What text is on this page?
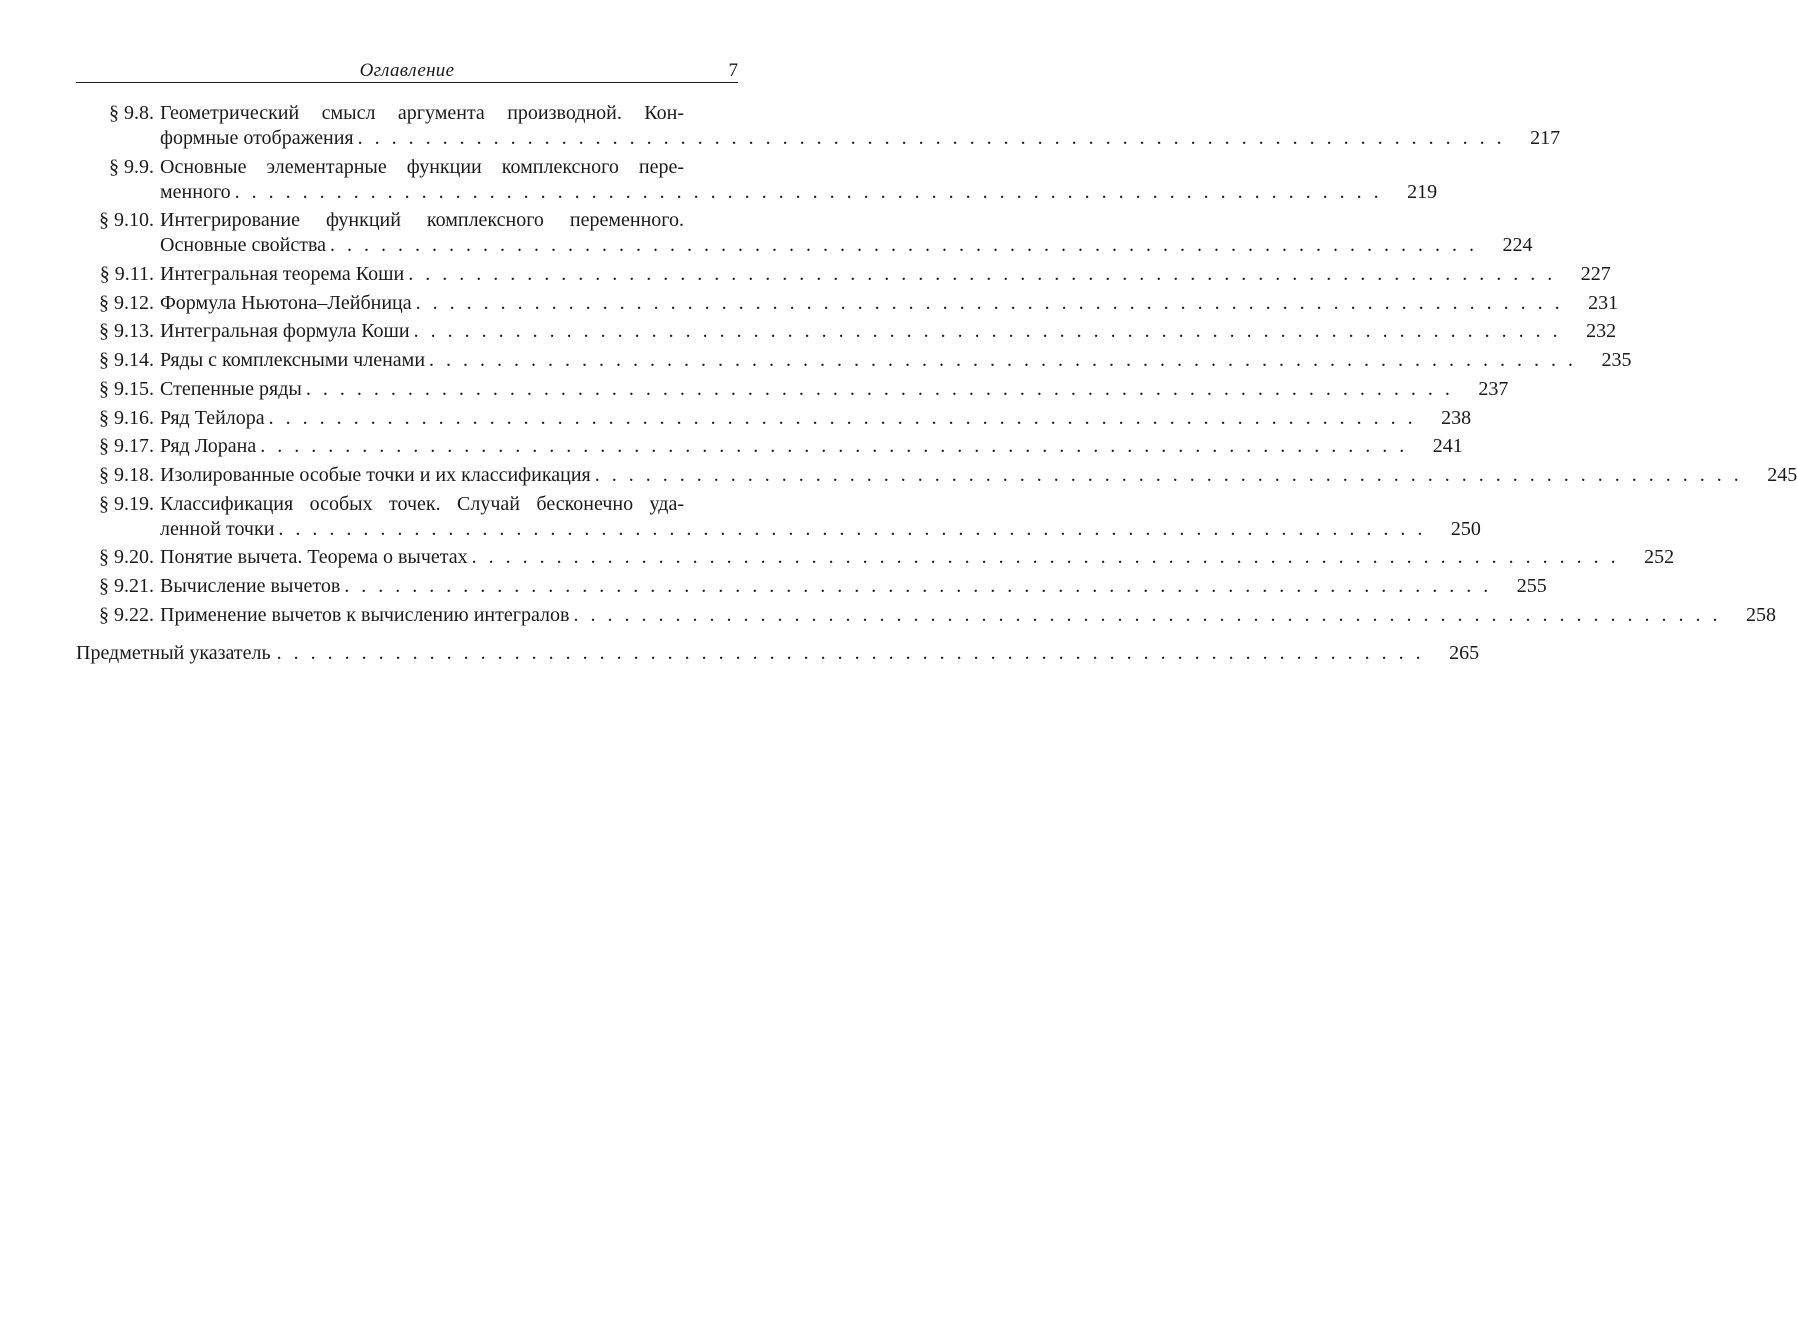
Оглавление	7
§ 9.8. Геометрический смысл аргумента производной. Кон-
формные отображения . . . . . . . . . . . . . . . . . . . . . . . . . . . . . . . . . . . . . . . . . . . . . . . . . . . . . . . . . . . . . . . . . . . . 217
§ 9.9. Основные элементарные функции комплексного пере-
менного . . . . . . . . . . . . . . . . . . . . . . . . . . . . . . . . . . . . . . . . . . . . . . . . . . . . . . . . . . . . . . . . . . . . 219
§ 9.10. Интегрирование функций комплексного переменного.
Основные свойства . . . . . . . . . . . . . . . . . . . . . . . . . . . . . . . . . . . . . . . . . . . . . . . . . . . . . . . . . . . . . . . . . . . . 224
§ 9.11. Интегральная теорема Коши . . . . . . . . . . . . . . . . . . . . . . . . . . . . . . . . . . . . . . . . . . . . . . . . . . . . . . . . . . . . . . . . . . . . 227
§ 9.12. Формула Ньютона–Лейбница . . . . . . . . . . . . . . . . . . . . . . . . . . . . . . . . . . . . . . . . . . . . . . . . . . . . . . . . . . . . . . . . . . . . 231
§ 9.13. Интегральная формула Коши . . . . . . . . . . . . . . . . . . . . . . . . . . . . . . . . . . . . . . . . . . . . . . . . . . . . . . . . . . . . . . . . . . . . 232
§ 9.14. Ряды с комплексными членами . . . . . . . . . . . . . . . . . . . . . . . . . . . . . . . . . . . . . . . . . . . . . . . . . . . . . . . . . . . . . . . . . . . . 235
§ 9.15. Степенные ряды . . . . . . . . . . . . . . . . . . . . . . . . . . . . . . . . . . . . . . . . . . . . . . . . . . . . . . . . . . . . . . . . . . . . 237
§ 9.16. Ряд Тейлора . . . . . . . . . . . . . . . . . . . . . . . . . . . . . . . . . . . . . . . . . . . . . . . . . . . . . . . . . . . . . . . . . . . . 238
§ 9.17. Ряд Лорана . . . . . . . . . . . . . . . . . . . . . . . . . . . . . . . . . . . . . . . . . . . . . . . . . . . . . . . . . . . . . . . . . . . . 241
§ 9.18. Изолированные особые точки и их классификация . . . . . . . . . . . . . . . . . . . . . . . . . . . . . . . . . . . . . . . . . . . . . . . . . . . . . . . . . . . . . . . . . . . . 245
§ 9.19. Классификация особых точек. Случай бесконечно уда-
ленной точки . . . . . . . . . . . . . . . . . . . . . . . . . . . . . . . . . . . . . . . . . . . . . . . . . . . . . . . . . . . . . . . . . . . . 250
§ 9.20. Понятие вычета. Теорема о вычетах . . . . . . . . . . . . . . . . . . . . . . . . . . . . . . . . . . . . . . . . . . . . . . . . . . . . . . . . . . . . . . . . . . . . 252
§ 9.21. Вычисление вычетов . . . . . . . . . . . . . . . . . . . . . . . . . . . . . . . . . . . . . . . . . . . . . . . . . . . . . . . . . . . . . . . . . . . . 255
§ 9.22. Применение вычетов к вычислению интегралов . . . . . . . . . . . . . . . . . . . . . . . . . . . . . . . . . . . . . . . . . . . . . . . . . . . . . . . . . . . . . . . . . . . . 258
Предметный указатель . . . . . . . . . . . . . . . . . . . . . . . . . . . . . . . . . . . . . . . . . . . . . . . . . . . . . . . . . . . . . . . . . . . . 265
